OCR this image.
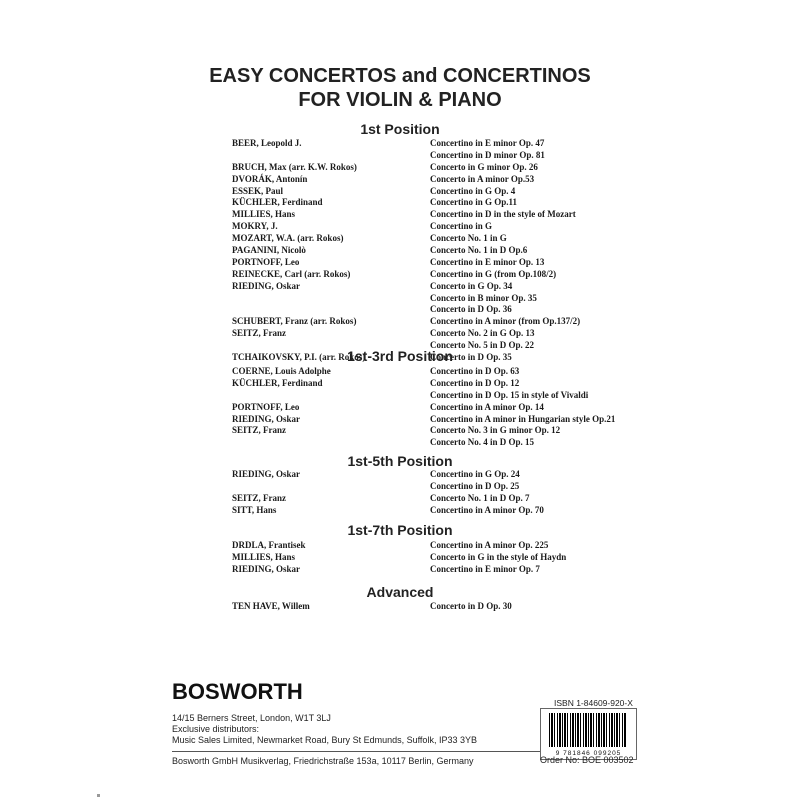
EASY CONCERTOS and CONCERTINOS
FOR VIOLIN & PIANO
1st Position
BEER, Leopold J.	Concertino in E minor Op. 47
Concertino in D minor Op. 81
BRUCH, Max (arr. K.W. Rokos)	Concerto in G minor Op. 26
DVORÁK, Antonín	Concerto in A minor Op.53
ESSEK, Paul	Concertino in G Op. 4
KÜCHLER, Ferdinand	Concertino in G Op.11
MILLIES, Hans	Concertino in D in the style of Mozart
MOKRY, J.	Concertino in G
MOZART, W.A. (arr. Rokos)	Concerto No. 1 in G
PAGANINI, Nicolò	Concerto No. 1 in D Op.6
PORTNOFF, Leo	Concertino in E minor Op. 13
REINECKE, Carl (arr. Rokos)	Concertino in G (from Op.108/2)
RIEDING, Oskar	Concerto in G Op. 34
Concerto in B minor Op. 35
Concerto in D Op. 36
SCHUBERT, Franz (arr. Rokos)	Concertino in A minor (from Op.137/2)
SEITZ, Franz	Concerto No. 2 in G Op. 13
Concerto No. 5 in D Op. 22
TCHAIKOVSKY, P.I. (arr. Rokos)	Concerto in D Op. 35
1st-3rd Position
COERNE, Louis Adolphe	Concertino in D Op. 63
KÜCHLER, Ferdinand	Concertino in D Op. 12
Concertino in D Op. 15 in style of Vivaldi
PORTNOFF, Leo	Concertino in A minor Op. 14
RIEDING, Oskar	Concertino in A minor in Hungarian style Op.21
SEITZ, Franz	Concerto No. 3 in G minor Op. 12
Concerto No. 4 in D Op. 15
1st-5th Position
RIEDING, Oskar	Concertino in G Op. 24
Concertino in D Op. 25
SEITZ, Franz	Concerto No. 1 in D Op. 7
SITT, Hans	Concertino in A minor Op. 70
1st-7th Position
DRDLA, Frantisek	Concertino in A minor Op. 225
MILLIES, Hans	Concerto in G in the style of Haydn
RIEDING, Oskar	Concertino in E minor Op. 7
Advanced
TEN HAVE, Willem	Concerto in D Op. 30
BOSWORTH
14/15 Berners Street, London, W1T 3LJ
Exclusive distributors:
Music Sales Limited, Newmarket Road, Bury St Edmunds, Suffolk, IP33 3YB
Bosworth GmbH Musikverlag, Friedrichstraße 153a, 10117 Berlin, Germany
ISBN 1-84609-920-X
9 781846 099205
Order No: BOE 003502
